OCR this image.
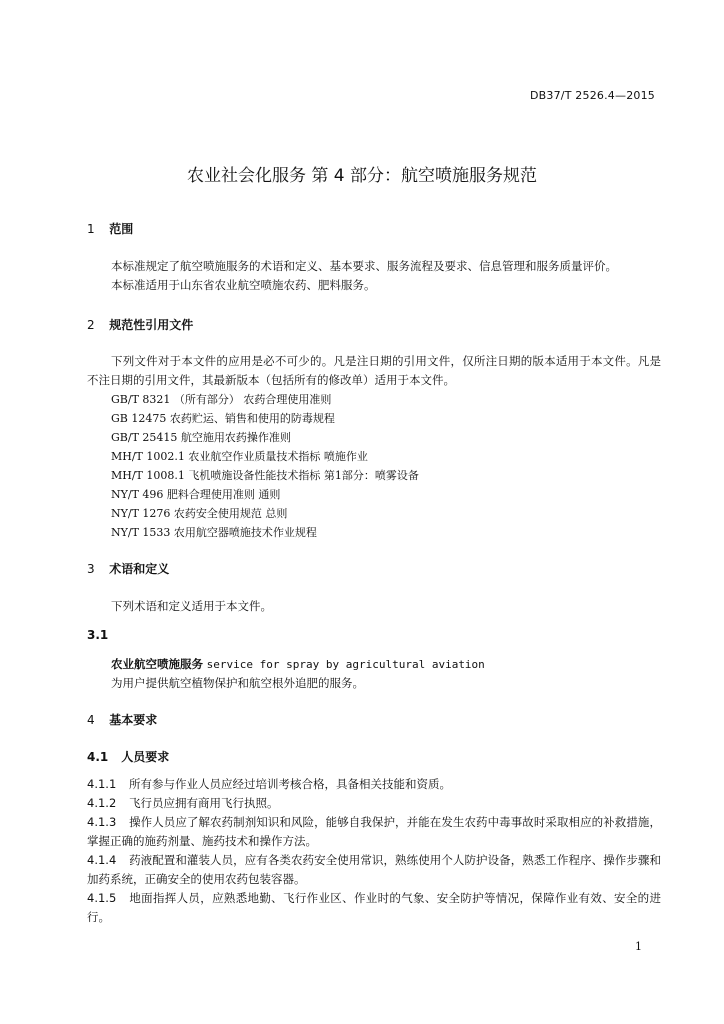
DB37/T 2526.4—2015
农业社会化服务 第 4 部分：航空喷施服务规范

1 范围

本标准规定了航空喷施服务的术语和定义、基本要求、服务流程及要求、信息管理和服务质量评价。

本标准适用于山东省农业航空喷施农药、肥料服务。

2 规范性引用文件

下列文件对于本文件的应用是必不可少的。凡是注日期的引用文件，仅所注日期的版本适用于本文件。凡是不注日期的引用文件，其最新版本（包括所有的修改单）适用于本文件。

GB/T 8321 （所有部分） 农药合理使用准则

GB 12475 农药贮运、销售和使用的防毒规程

GB/T 25415 航空施用农药操作准则

MH/T 1002.1 农业航空作业质量技术指标 喷施作业

MH/T 1008.1 飞机喷施设备性能技术指标 第1部分：喷雾设备

NY/T 496 肥料合理使用准则 通则

NY/T 1276 农药安全使用规范 总则

NY/T 1533 农用航空器喷施技术作业规程

3 术语和定义

下列术语和定义适用于本文件。

3.1

农业航空喷施服务 service for spray by agricultural aviation

为用户提供航空植物保护和航空根外追肥的服务。

4 基本要求

4.1 人员要求

4.1.1 所有参与作业人员应经过培训考核合格，具备相关技能和资质。

4.1.2 飞行员应拥有商用飞行执照。

4.1.3 操作人员应了解农药制剂知识和风险，能够自我保护，并能在发生农药中毒事故时采取相应的补救措施，掌握正确的施药剂量、施药技术和操作方法。

4.1.4 药液配置和灌装人员，应有各类农药安全使用常识，熟练使用个人防护设备，熟悉工作程序、操作步骤和加药系统，正确安全的使用农药包装容器。

4.1.5 地面指挥人员，应熟悉地勤、飞行作业区、作业时的气象、安全防护等情况，保障作业有效、安全的进行。

1
